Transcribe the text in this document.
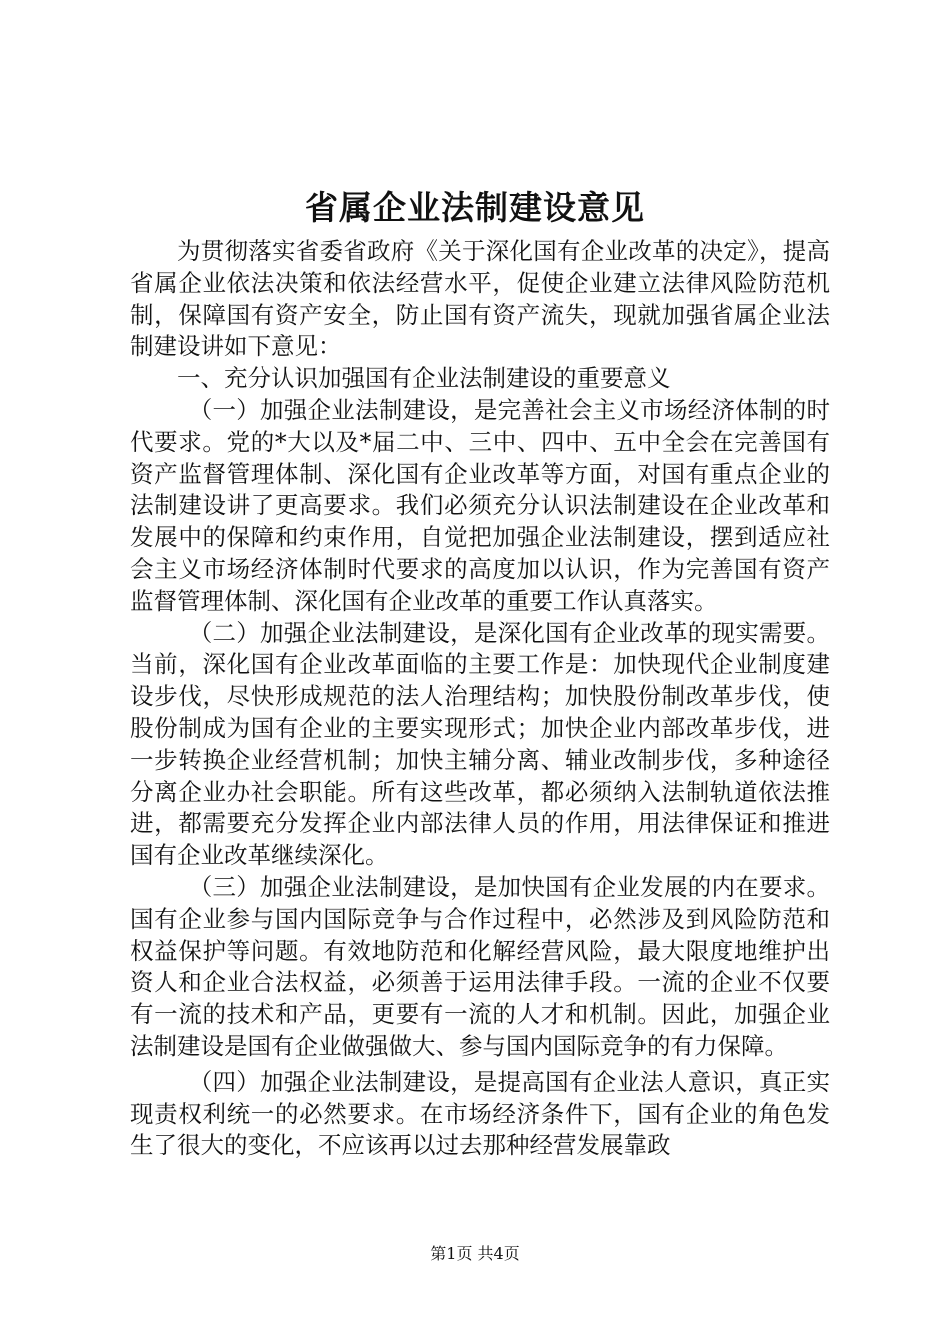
省属企业法制建设意见

为贯彻落实省委省政府《关于深化国有企业改革的决定》，提高省属企业依法决策和依法经营水平，促使企业建立法律风险防范机制，保障国有资产安全，防止国有资产流失，现就加强省属企业法制建设讲如下意见：

一、充分认识加强国有企业法制建设的重要意义

（一）加强企业法制建设，是完善社会主义市场经济体制的时代要求。党的*大以及*届二中、三中、四中、五中全会在完善国有资产监督管理体制、深化国有企业改革等方面，对国有重点企业的法制建设讲了更高要求。我们必须充分认识法制建设在企业改革和发展中的保障和约束作用，自觉把加强企业法制建设，摆到适应社会主义市场经济体制时代要求的高度加以认识，作为完善国有资产监督管理体制、深化国有企业改革的重要工作认真落实。

（二）加强企业法制建设，是深化国有企业改革的现实需要。当前，深化国有企业改革面临的主要工作是：加快现代企业制度建设步伐，尽快形成规范的法人治理结构；加快股份制改革步伐，使股份制成为国有企业的主要实现形式；加快企业内部改革步伐，进一步转换企业经营机制；加快主辅分离、辅业改制步伐，多种途径分离企业办社会职能。所有这些改革，都必须纳入法制轨道依法推进，都需要充分发挥企业内部法律人员的作用，用法律保证和推进国有企业改革继续深化。

（三）加强企业法制建设，是加快国有企业发展的内在要求。国有企业参与国内国际竞争与合作过程中，必然涉及到风险防范和权益保护等问题。有效地防范和化解经营风险，最大限度地维护出资人和企业合法权益，必须善于运用法律手段。一流的企业不仅要有一流的技术和产品，更要有一流的人才和机制。因此，加强企业法制建设是国有企业做强做大、参与国内国际竞争的有力保障。

（四）加强企业法制建设，是提高国有企业法人意识，真正实现责权利统一的必然要求。在市场经济条件下，国有企业的角色发生了很大的变化，不应该再以过去那种经营发展靠政

第1页 共4页
